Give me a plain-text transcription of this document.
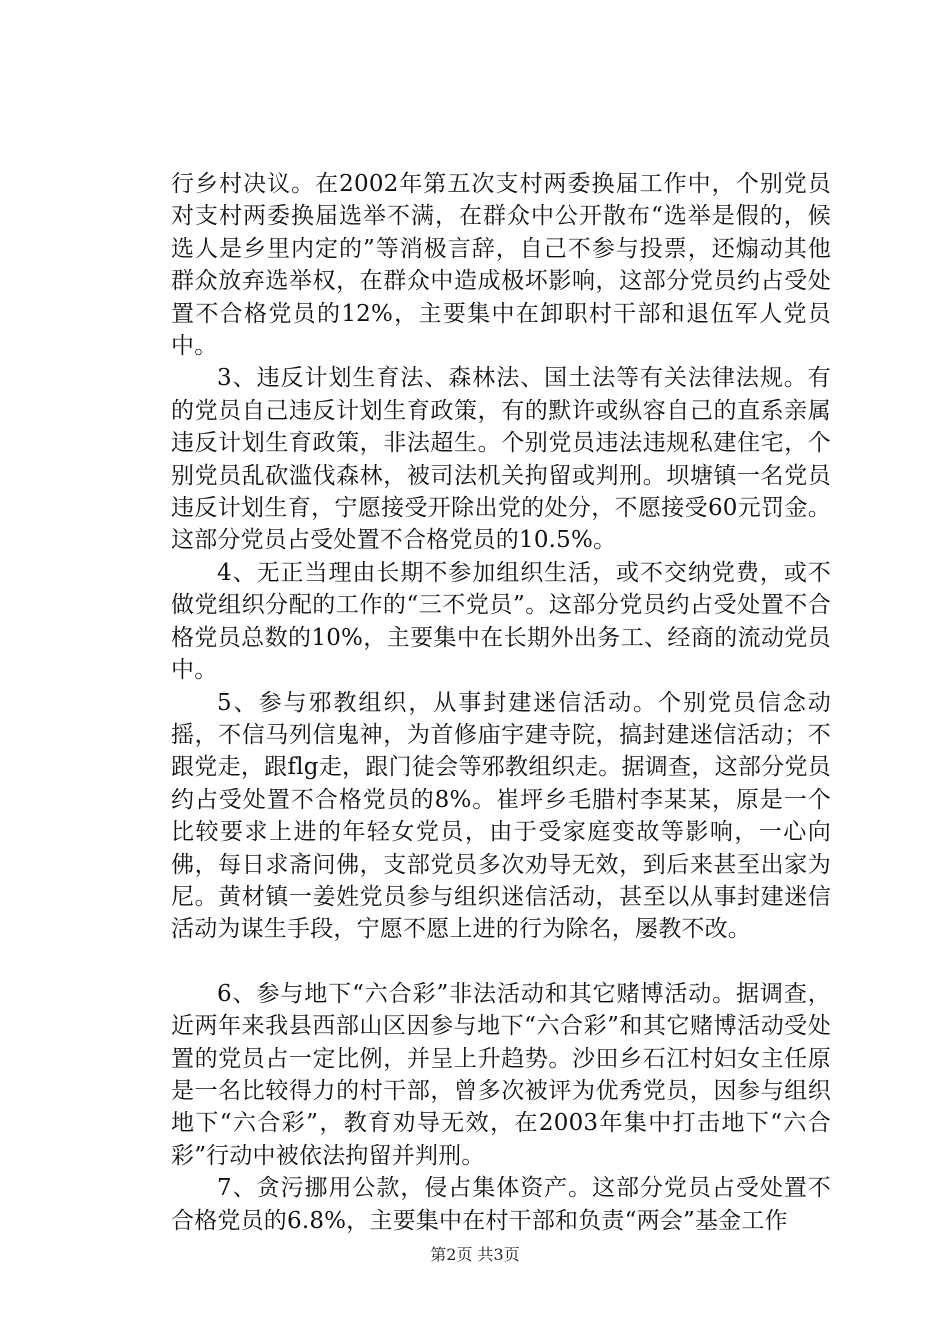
行乡村决议。在2002年第五次支村两委换届工作中，个别党员对支村两委换届选举不满，在群众中公开散布“选举是假的，候选人是乡里内定的”等消极言辞，自己不参与投票，还煽动其他群众放弃选举权，在群众中造成极坏影响，这部分党员约占受处置不合格党员的12%，主要集中在卸职村干部和退伍军人党员中。

3、违反计划生育法、森林法、国土法等有关法律法规。有的党员自己违反计划生育政策，有的默许或纵容自己的直系亲属违反计划生育政策，非法超生。个别党员违法违规私建住宅，个别党员乱砍滥伐森林，被司法机关拘留或判刑。坝塘镇一名党员违反计划生育，宁愿接受开除出党的处分，不愿接受60元罚金。这部分党员占受处置不合格党员的10.5%。

4、无正当理由长期不参加组织生活，或不交纳党费，或不做党组织分配的工作的“三不党员”。这部分党员约占受处置不合格党员总数的10%，主要集中在长期外出务工、经商的流动党员中。

5、参与邪教组织，从事封建迷信活动。个别党员信念动摇，不信马列信鬼神，为首修庙宇建寺院，搞封建迷信活动；不跟党走，跟flg走，跟门徒会等邪教组织走。据调查，这部分党员约占受处置不合格党员的8%。崔坪乡毛腊村李某某，原是一个比较要求上进的年轻女党员，由于受家庭变故等影响，一心向佛，每日求斋问佛，支部党员多次劝导无效，到后来甚至出家为尼。黄材镇一姜姓党员参与组织迷信活动，甚至以从事封建迷信活动为谋生手段，宁愿不愿上进的行为除名，屡教不改。

6、参与地下“六合彩”非法活动和其它赌博活动。据调查，近两年来我县西部山区因参与地下“六合彩”和其它赌博活动受处置的党员占一定比例，并呈上升趋势。沙田乡石江村妇女主任原是一名比较得力的村干部，曾多次被评为优秀党员，因参与组织地下“六合彩”，教育劝导无效，在2003年集中打击地下“六合彩”行动中被依法拘留并判刑。

7、贪污挪用公款，侵占集体资产。这部分党员占受处置不合格党员的6.8%，主要集中在村干部和负责“两会”基金工作

第2页 共3页
